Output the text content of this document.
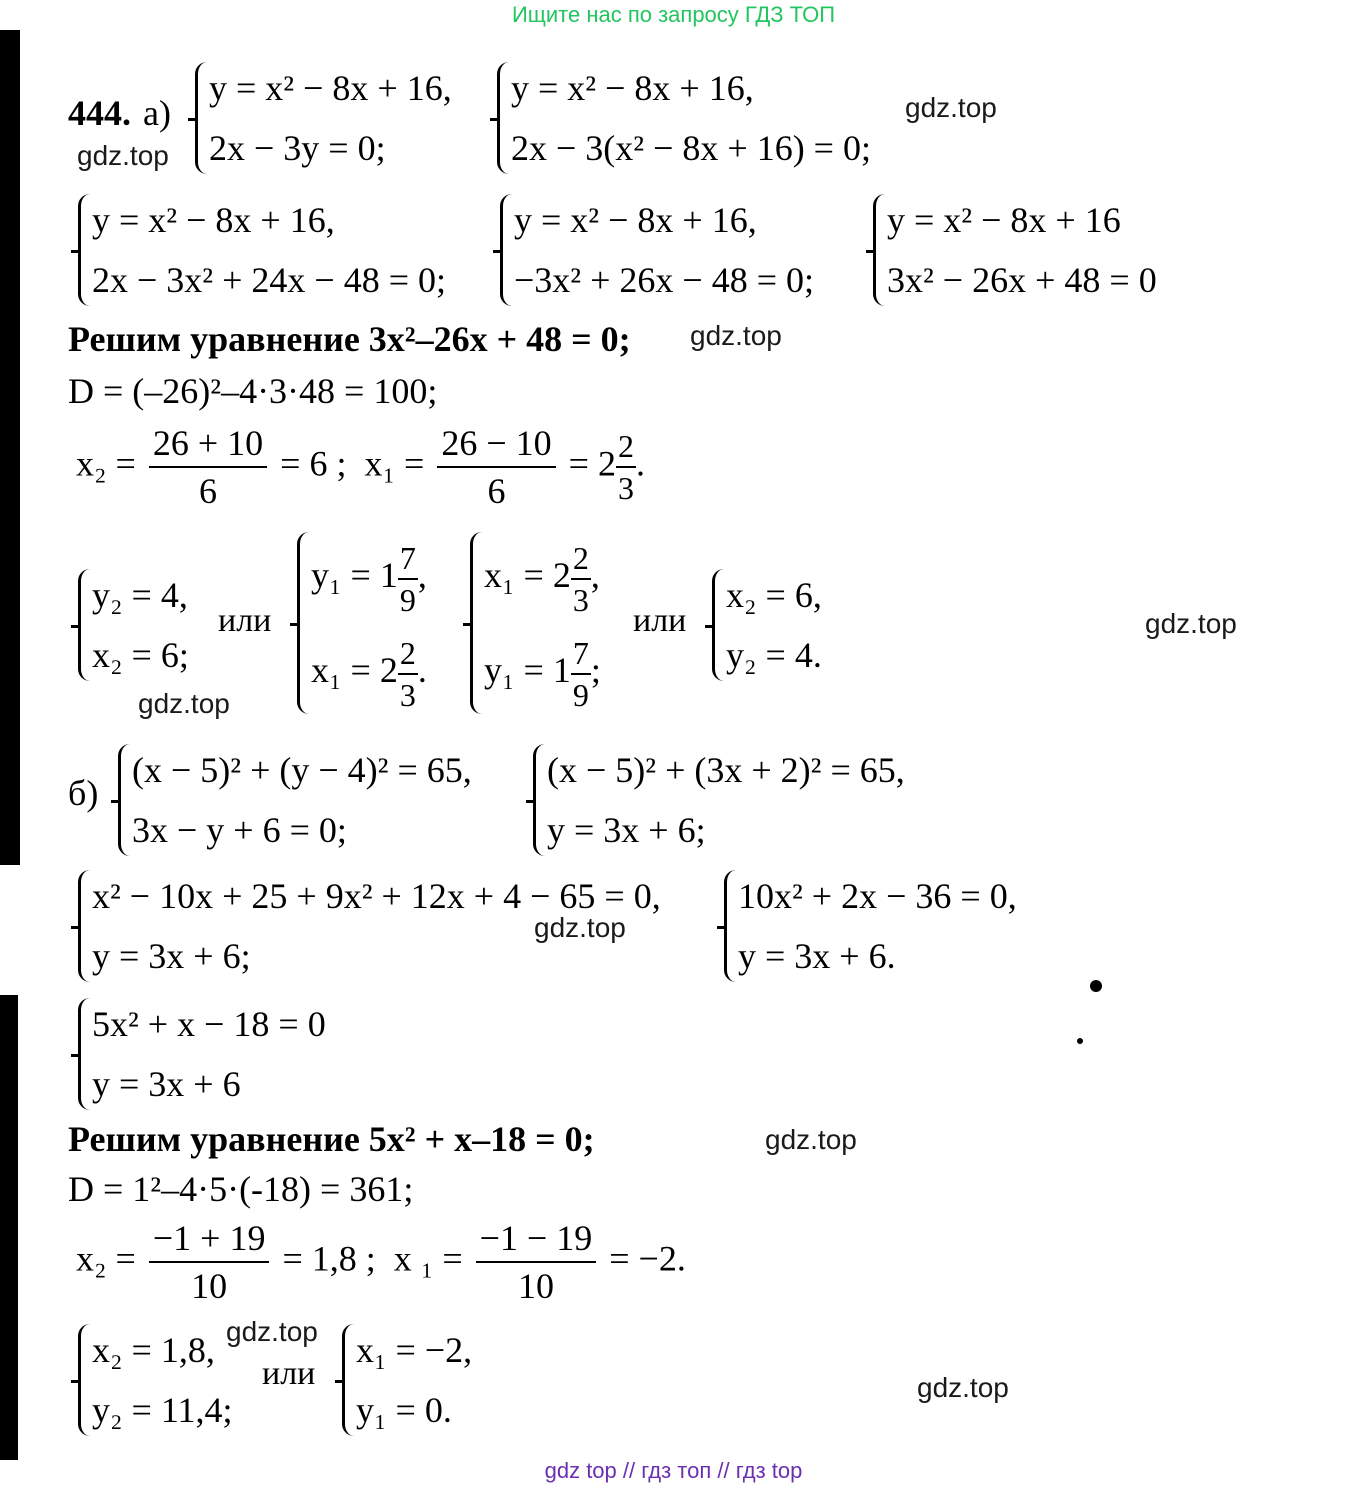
Ищите нас по запросу ГДЗ ТОП
gdz top // гдз топ // гдз top
gdz.top
gdz.top
gdz.top
gdz.top
gdz.top
gdz.top
gdz.top
gdz.top
gdz.top
444. а)
y = x² − 8x + 16,
2x − 3y = 0;
y = x² − 8x + 16,
2x − 3(x² − 8x + 16) = 0;
y = x² − 8x + 16,
2x − 3x² + 24x − 48 = 0;
y = x² − 8x + 16,
−3x² + 26x − 48 = 0;
y = x² − 8x + 16
3x² − 26x + 48 = 0
Решим уравнение 3x²–26x + 48 = 0;
D = (–26)²–4·3·48 = 100;
$x_2 = \frac{26 + 10}{6} = 6$ ; $x_1 = \frac{26 - 10}{6} = 2 \frac{2}{3}$ .
y₂ = 4,
x₂ = 6;
или
$y_1 = 1 \frac{7}{9}$ ,
$x_1 = 2 \frac{2}{3}$ .
$x_1 = 2 \frac{2}{3}$ ,
$y_1 = 1 \frac{7}{9}$ ;
или
x₂ = 6,
y₂ = 4.
б)
(x − 5)² + (y − 4)² = 65,
3x − y + 6 = 0;
(x − 5)² + (3x + 2)² = 65,
y = 3x + 6;
x² − 10x + 25 + 9x² + 12x + 4 − 65 = 0,
y = 3x + 6;
10x² + 2x − 36 = 0,
y = 3x + 6.
5x² + x − 18 = 0
y = 3x + 6
Решим уравнение 5x² + x–18 = 0;
D = 1²–4·5·(-18) = 361;
$x_2 = \frac{-1 + 19}{10} = 1,8$ ; x $_1 = \frac{-1 - 19}{10} = -2$.
x₂ = 1,8,
y₂ = 11,4;
или
x₁ = −2,
y₁ = 0.
